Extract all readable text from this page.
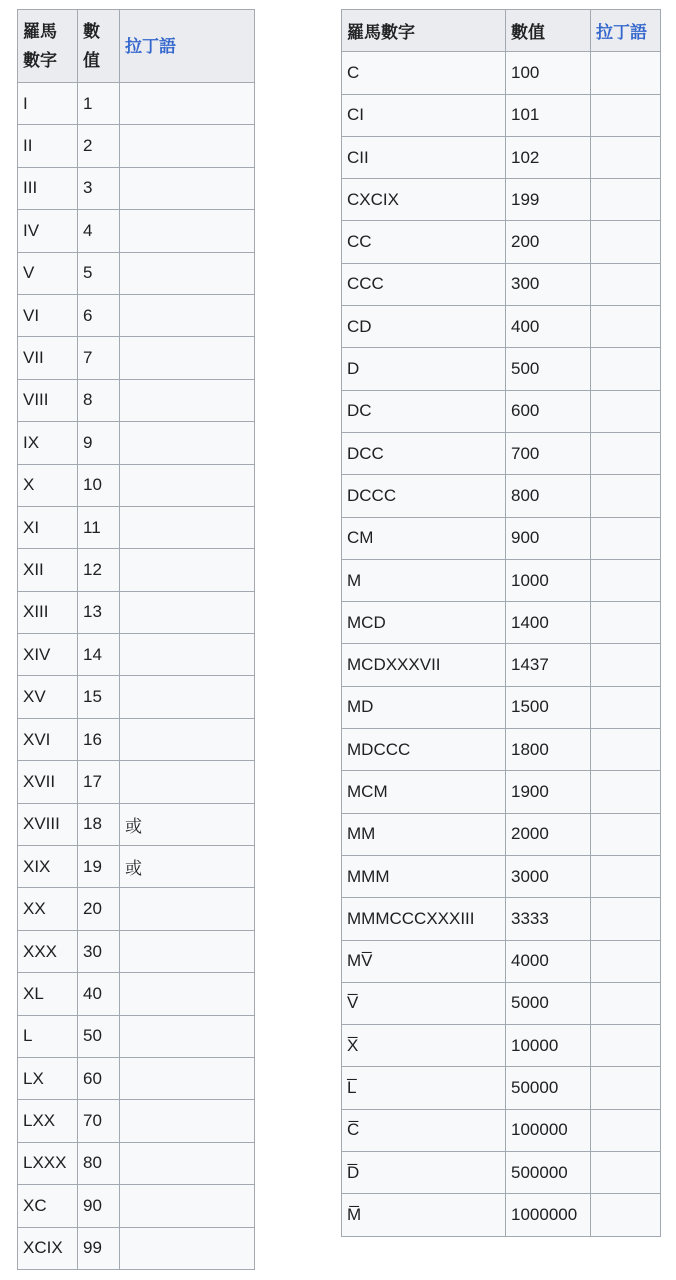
羅馬數字	數值	拉丁語
I	1	
II	2	
III	3	
IV	4	
V	5	
VI	6	
VII	7	
VIII	8	
IX	9	
X	10	
XI	11	
XII	12	
XIII	13	
XIV	14	
XV	15	
XVI	16	
XVII	17	
XVIII	18	或
XIX	19	或
XX	20	
XXX	30	
XL	40	
L	50	
LX	60	
LXX	70	
LXXX	80	
XC	90	
XCIX	99	
羅馬數字	數值	拉丁語
C	100	
CI	101	
CII	102	
CXCIX	199	
CC	200	
CCC	300	
CD	400	
D	500	
DC	600	
DCC	700	
DCCC	800	
CM	900	
M	1000	
MCD	1400	
MCDXXXVII	1437	
MD	1500	
MDCCC	1800	
MCM	1900	
MM	2000	
MMM	3000	
MMMCCCXXXIII	3333	
MV̅	4000	
V̅	5000	
X̅	10000	
L̅	50000	
C̅	100000	
D̅	500000	
M̅	1000000	
